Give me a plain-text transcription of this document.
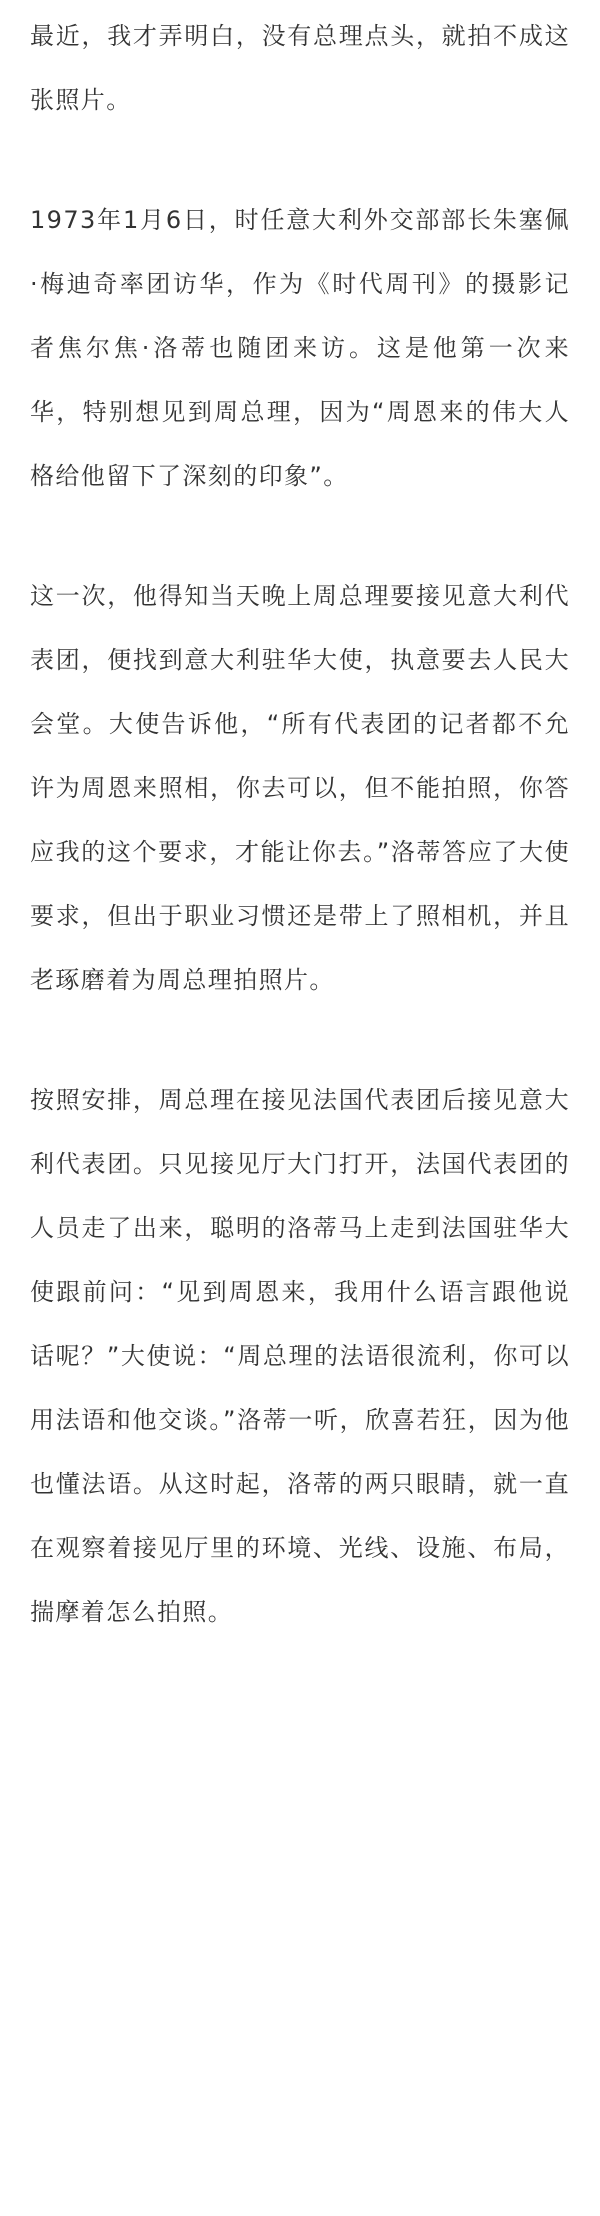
最近，我才弄明白，没有总理点头，就拍不成这张照片。

1973年1月6日，时任意大利外交部部长朱塞佩·梅迪奇率团访华，作为《时代周刊》的摄影记者焦尔焦·洛蒂也随团来访。这是他第一次来华，特别想见到周总理，因为“周恩来的伟大人格给他留下了深刻的印象”。

这一次，他得知当天晚上周总理要接见意大利代表团，便找到意大利驻华大使，执意要去人民大会堂。大使告诉他，“所有代表团的记者都不允许为周恩来照相，你去可以，但不能拍照，你答应我的这个要求，才能让你去。”洛蒂答应了大使要求，但出于职业习惯还是带上了照相机，并且老琢磨着为周总理拍照片。

按照安排，周总理在接见法国代表团后接见意大利代表团。只见接见厅大门打开，法国代表团的人员走了出来，聪明的洛蒂马上走到法国驻华大使跟前问：“见到周恩来，我用什么语言跟他说话呢？”大使说：“周总理的法语很流利，你可以用法语和他交谈。”洛蒂一听，欣喜若狂，因为他也懂法语。从这时起，洛蒂的两只眼睛，就一直在观察着接见厅里的环境、光线、设施、布局，揣摩着怎么拍照。
